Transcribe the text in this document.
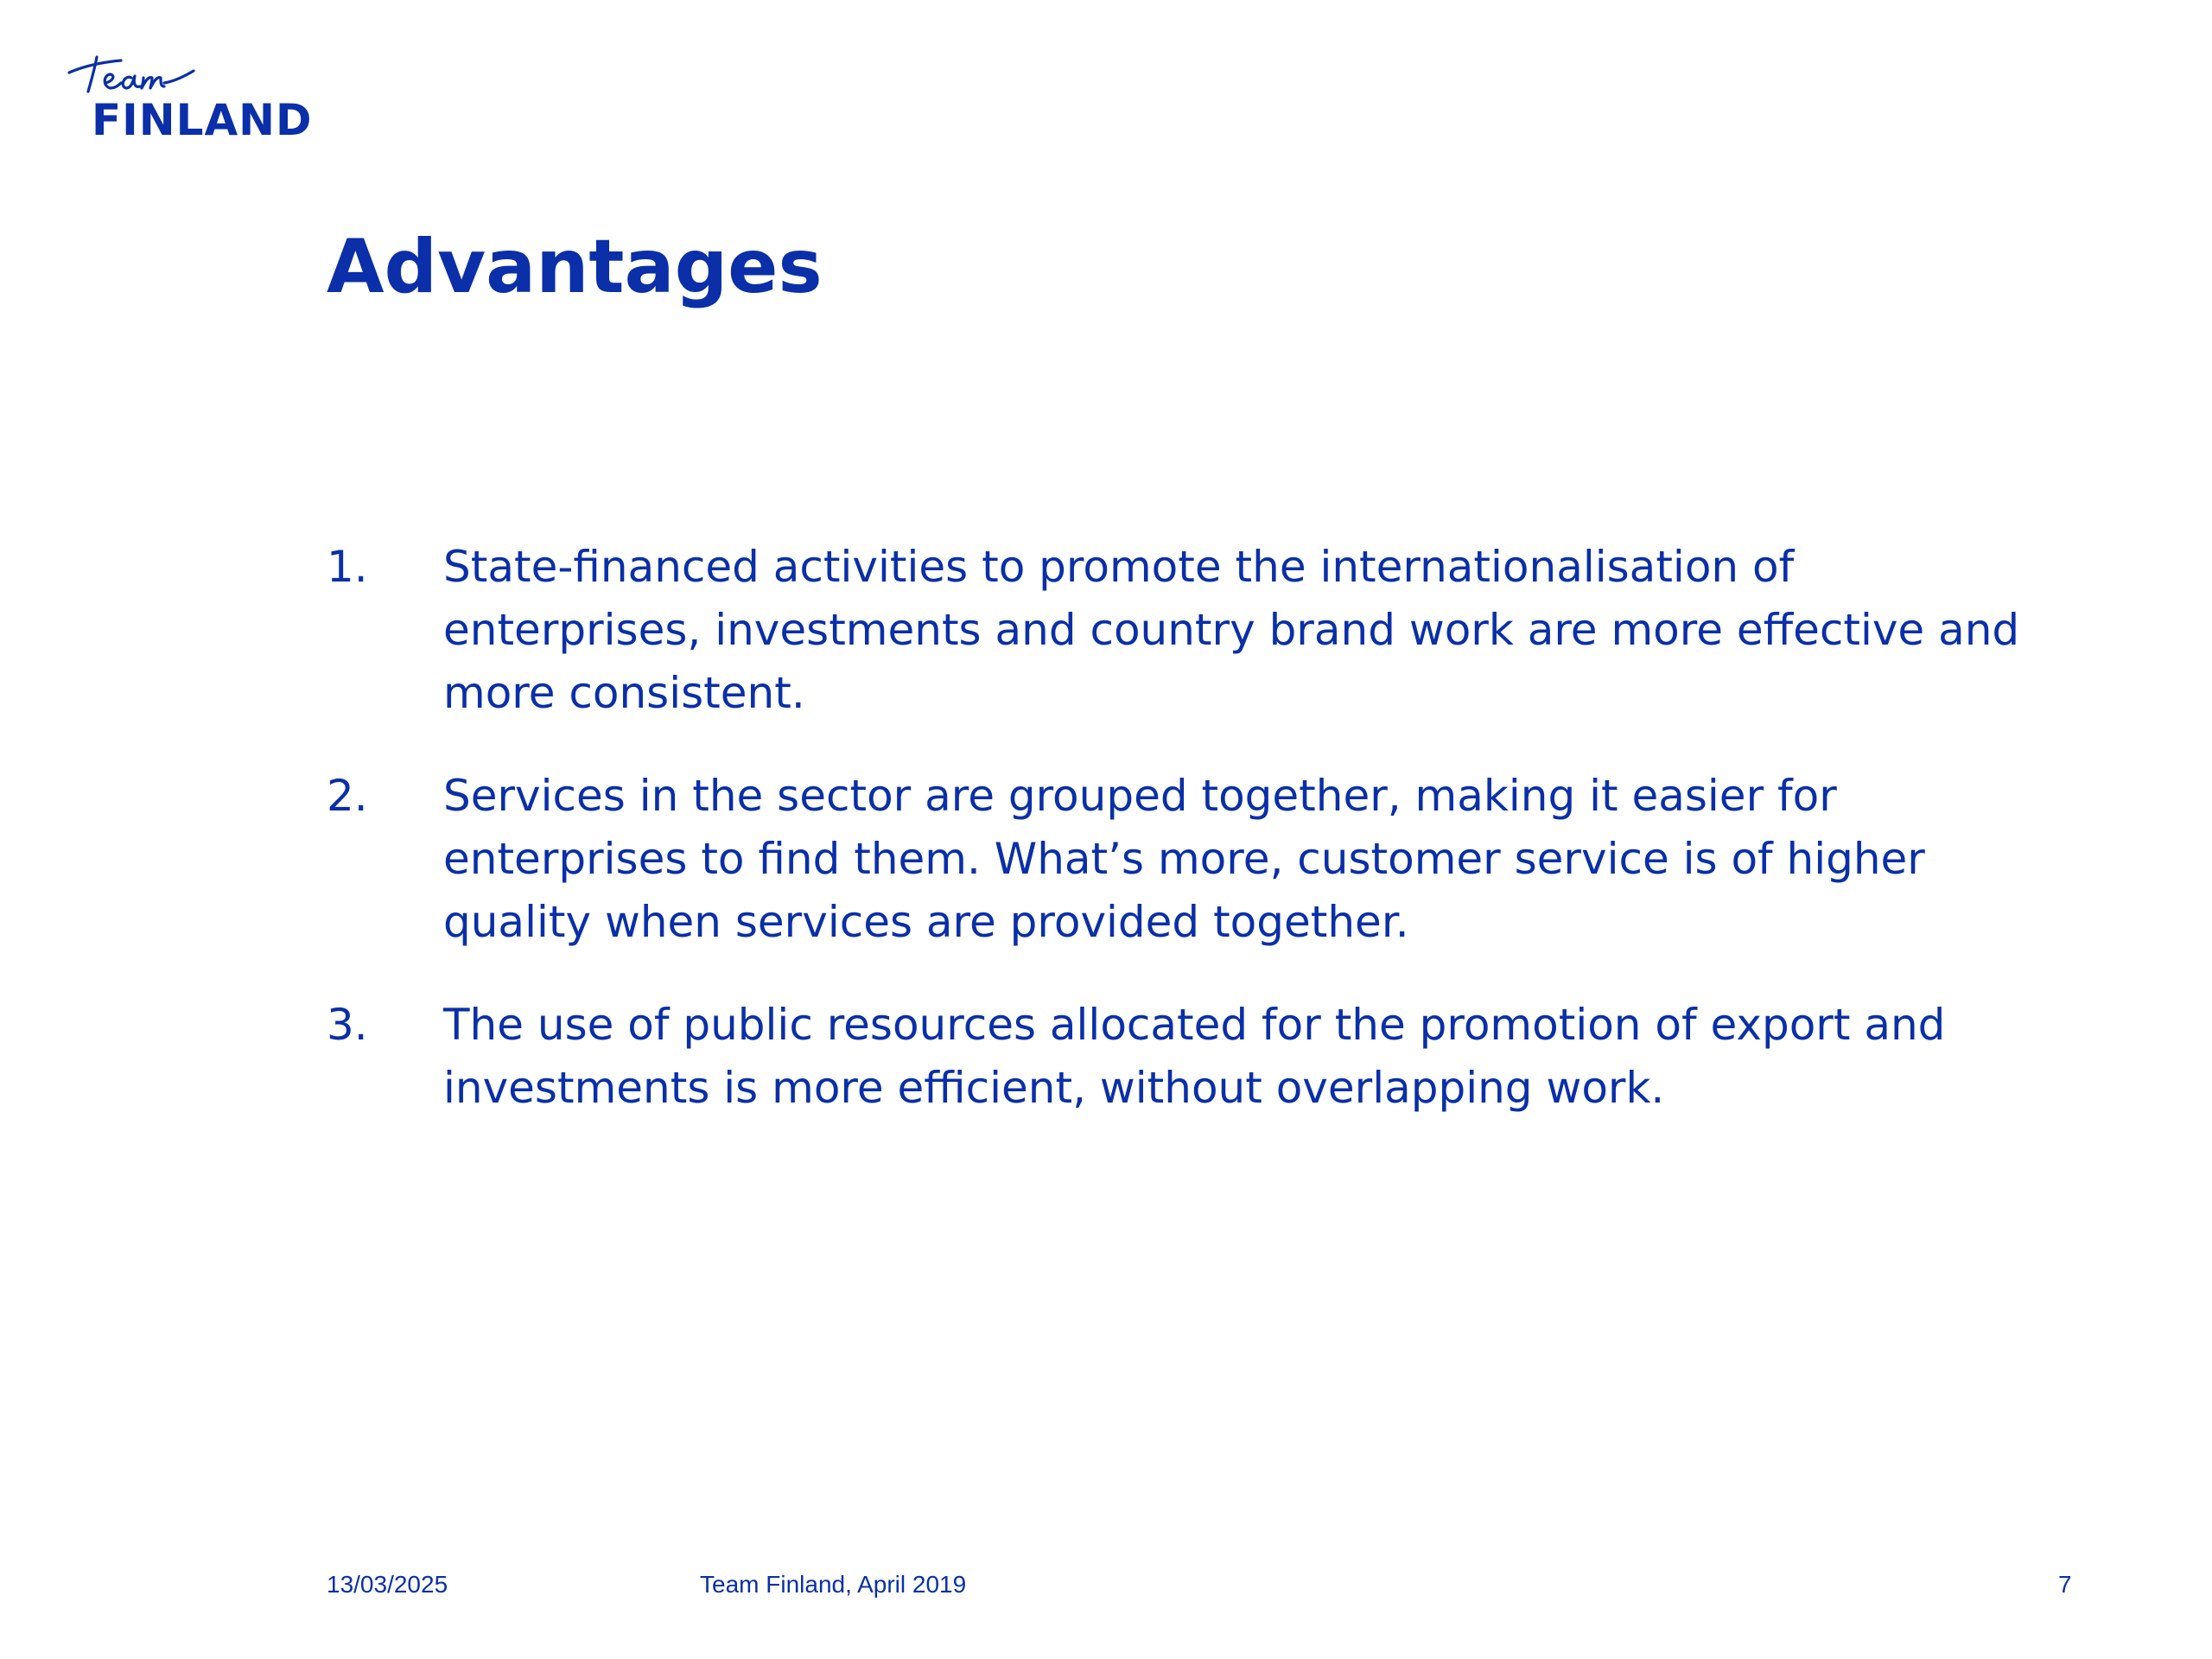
FINLAND
Advantages
1. State-financed activities to promote the internationalisation of enterprises, investments and country brand work are more effective and more consistent.
2. Services in the sector are grouped together, making it easier for enterprises to find them. What’s more, customer service is of higher quality when services are provided together.
3. The use of public resources allocated for the promotion of export and investments is more efficient, without overlapping work.
13/03/2025	Team Finland, April 2019	7
